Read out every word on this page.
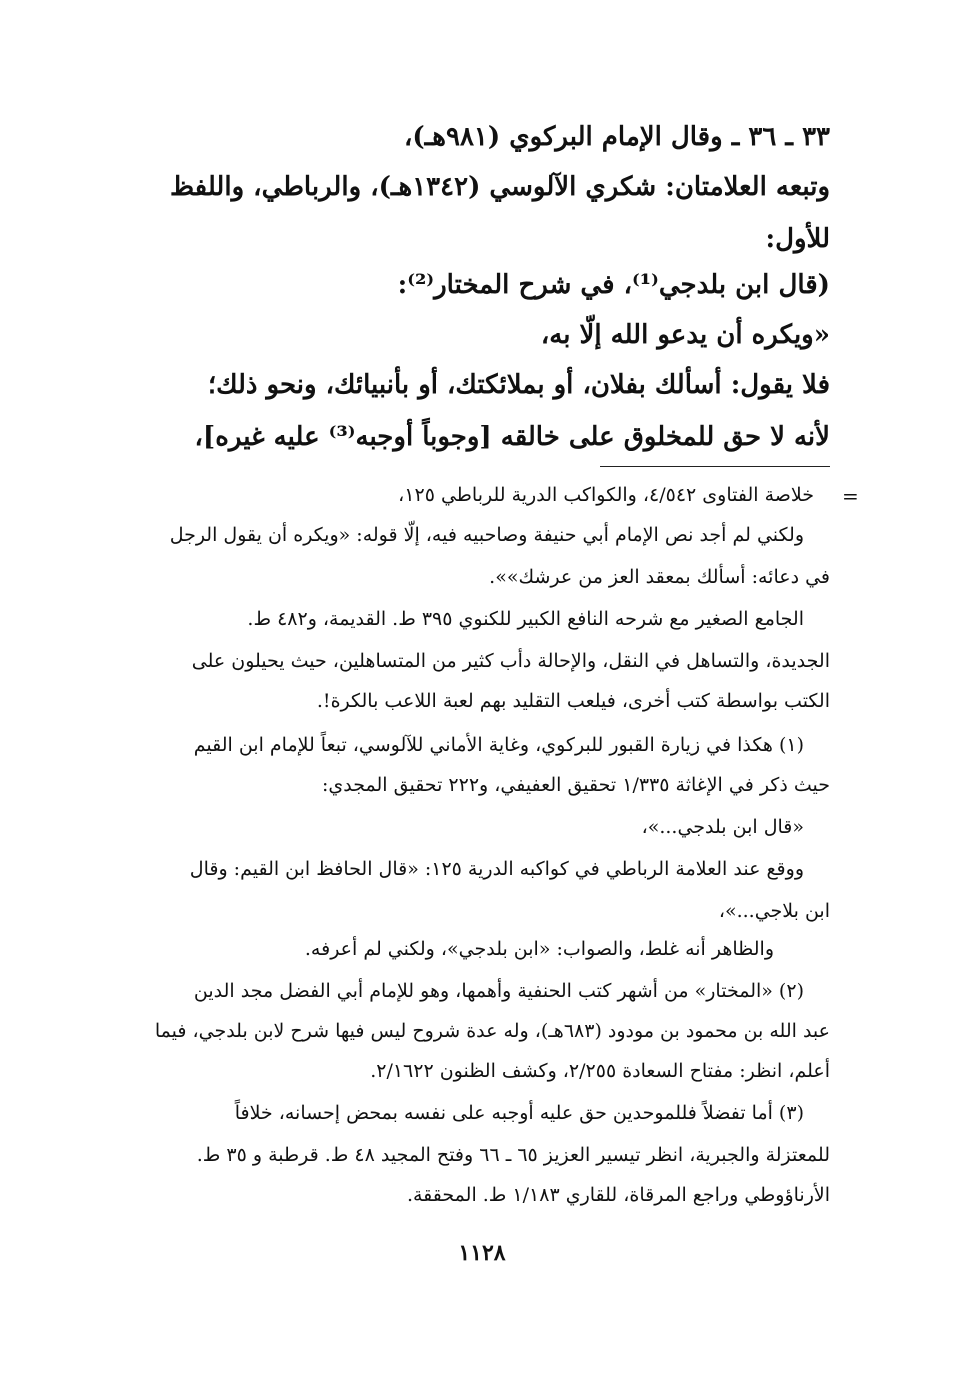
٣٣ ـ ٣٦ ـ وقال الإمام البركوي (٩٨١هـ)،
وتبعه العلامتان: شكري الآلوسي (١٣٤٢هـ)، والرباطي، واللفظ
للأول:
(قال ابن بلدجي⁽¹⁾، في شرح المختار⁽²⁾:
«ويكره أن يدعو الله إلّا به،
فلا يقول: أسألك بفلان، أو بملائكتك، أو بأنبيائك، ونحو ذلك؛
لأنه لا حق للمخلوق على خالقه [وجوباً أوجبه⁽³⁾ عليه غيره]،
=
خلاصة الفتاوى ٤/٥٤٢، والكواكب الدرية للرباطي ١٢٥،
ولكني لم أجد نص الإمام أبي حنيفة وصاحبيه فيه، إلّا قوله: «ويكره أن يقول الرجل
في دعائه: أسألك بمعقد العز من عرشك»».
الجامع الصغير مع شرحه النافع الكبير للكنوي ٣٩٥ ط. القديمة، و٤٨٢ ط.
الجديدة، والتساهل في النقل، والإحالة دأب كثير من المتساهلين، حيث يحيلون على
الكتب بواسطة كتب أخرى، فيلعب التقليد بهم لعبة اللاعب بالكرة!.
(١) هكذا في زيارة القبور للبركوي، وغاية الأماني للآلوسي، تبعاً للإمام ابن القيم
حيث ذكر في الإغاثة ١/٣٣٥ تحقيق العفيفي، و٢٢٢ تحقيق المجدي:
«قال ابن بلدجي...»،
ووقع عند العلامة الرباطي في كواكبه الدرية ١٢٥: «قال الحافظ ابن القيم: وقال
ابن بلاجي...»،
والظاهر أنه غلط، والصواب: «ابن بلدجي»، ولكني لم أعرفه.
(٢) «المختار» من أشهر كتب الحنفية وأهمها، وهو للإمام أبي الفضل مجد الدين
عبد الله بن محمود بن مودود (٦٨٣هـ)، وله عدة شروح ليس فيها شرح لابن بلدجي، فيما
أعلم، انظر: مفتاح السعادة ٢/٢٥٥، وكشف الظنون ٢/١٦٢٢.
(٣) أما تفضلاً فللموحدين حق عليه أوجبه على نفسه بمحض إحسانه، خلافاً
للمعتزلة والجبرية، انظر تيسير العزيز ٦٥ ـ ٦٦ وفتح المجيد ٤٨ ط. قرطبة و ٣٥ ط.
الأرناؤوطي وراجع المرقاة، للقاري ١/١٨٣ ط. المحققة.
١١٢٨
